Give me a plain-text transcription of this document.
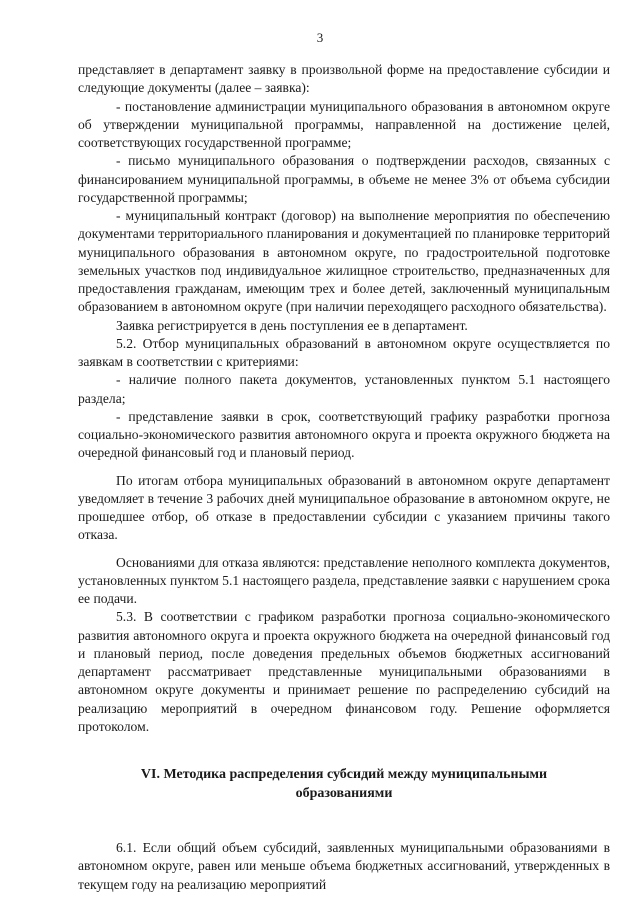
3

представляет в департамент заявку в произвольной форме на предоставление субсидии и следующие документы (далее – заявка):

- постановление администрации муниципального образования в автономном округе об утверждении муниципальной программы, направленной на достижение целей, соответствующих государственной программе;

- письмо муниципального образования о подтверждении расходов, связанных с финансированием муниципальной программы, в объеме не менее 3% от объема субсидии государственной программы;

- муниципальный контракт (договор) на выполнение мероприятия по обеспечению документами территориального планирования и документацией по планировке территорий муниципального образования в автономном округе, по градостроительной подготовке земельных участков под индивидуальное жилищное строительство, предназначенных для предоставления гражданам, имеющим трех и более детей, заключенный муниципальным образованием в автономном округе (при наличии переходящего расходного обязательства).

Заявка регистрируется в день поступления ее в департамент.

5.2. Отбор муниципальных образований в автономном округе осуществляется по заявкам в соответствии с критериями:

- наличие полного пакета документов, установленных пунктом 5.1 настоящего раздела;

- представление заявки в срок, соответствующий графику разработки прогноза социально-экономического развития автономного округа и проекта окружного бюджета на очередной финансовый год и плановый период.

По итогам отбора муниципальных образований в автономном округе департамент уведомляет в течение 3 рабочих дней муниципальное образование в автономном округе, не прошедшее отбор, об отказе в предоставлении субсидии с указанием причины такого отказа.

Основаниями для отказа являются: представление неполного комплекта документов, установленных пунктом 5.1 настоящего раздела, представление заявки с нарушением срока ее подачи.

5.3. В соответствии с графиком разработки прогноза социально-экономического развития автономного округа и проекта окружного бюджета на очередной финансовый год и плановый период, после доведения предельных объемов бюджетных ассигнований департамент рассматривает представленные муниципальными образованиями в автономном округе документы и принимает решение по распределению субсидий на реализацию мероприятий в очередном финансовом году. Решение оформляется протоколом.

VI. Методика распределения субсидий между муниципальными образованиями

6.1. Если общий объем субсидий, заявленных муниципальными образованиями в автономном округе, равен или меньше объема бюджетных ассигнований, утвержденных в текущем году на реализацию мероприятий
